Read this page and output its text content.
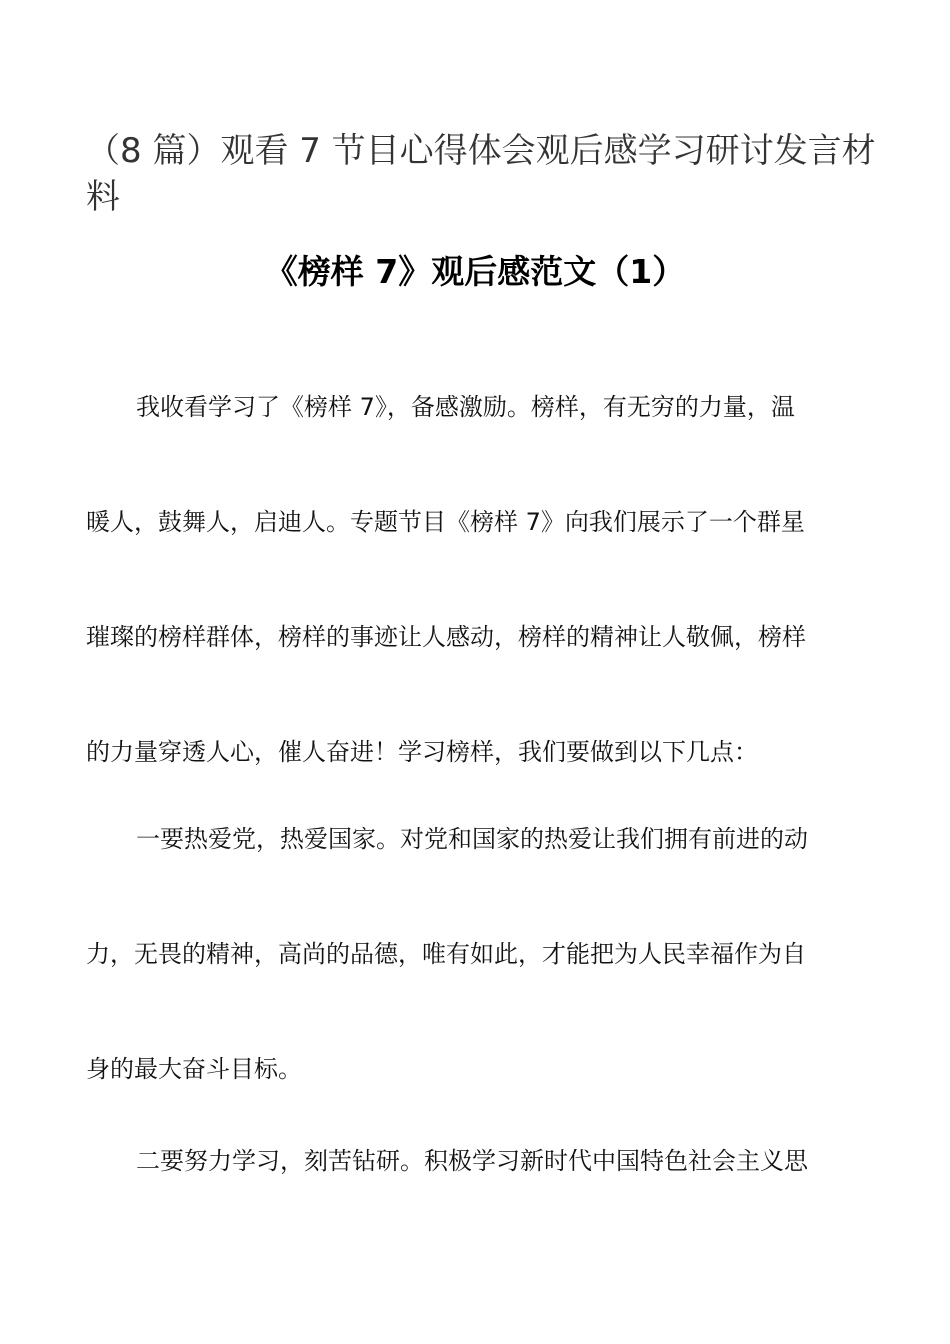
（8 篇）观看 7 节目心得体会观后感学习研讨发言材料
《榜样 7》观后感范文（1）
我收看学习了《榜样 7》，备感激励。榜样，有无穷的力量，温
暖人，鼓舞人，启迪人。专题节目《榜样 7》向我们展示了一个群星
璀璨的榜样群体，榜样的事迹让人感动，榜样的精神让人敬佩，榜样
的力量穿透人心，催人奋进！学习榜样，我们要做到以下几点：
一要热爱党，热爱国家。对党和国家的热爱让我们拥有前进的动
力，无畏的精神，高尚的品德，唯有如此，才能把为人民幸福作为自
身的最大奋斗目标。
二要努力学习，刻苦钻研。积极学习新时代中国特色社会主义思
